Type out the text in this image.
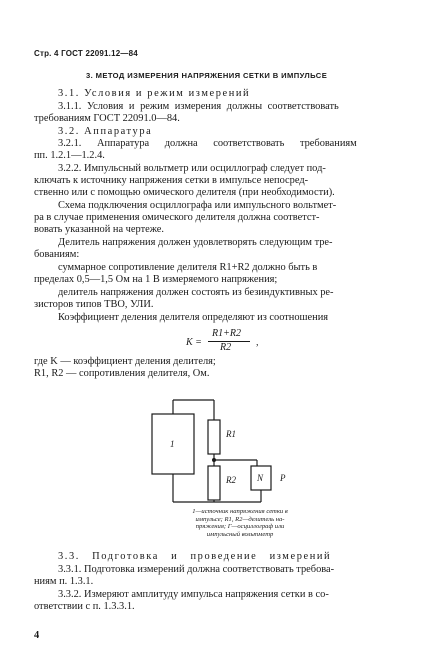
Стр. 4 ГОСТ 22091.12—84
3. МЕТОД ИЗМЕРЕНИЯ НАПРЯЖЕНИЯ СЕТКИ В ИМПУЛЬСЕ
3.1. Условия и режим измерений
3.1.1. Условия и режим измерения должны соответствовать
требованиям ГОСТ 22091.0—84.
3.2. Аппаратура
3.2.1. Аппаратура должна соответствовать требованиям
пп. 1.2.1—1.2.4.
3.2.2. Импульсный вольтметр или осциллограф следует под-
ключать к источнику напряжения сетки в импульсе непосред-
ственно или с помощью омического делителя (при необходимости).
Схема подключения осциллографа или импульсного вольтмет-
ра в случае применения омического делителя должна соответст-
вовать указанной на чертеже.
Делитель напряжения должен удовлетворять следующим тре-
бованиям:
суммарное сопротивление делителя R1+R2 должно быть в
пределах 0,5—1,5 Ом на 1 В измеряемого напряжения;
делитель напряжения должен состоять из безиндуктивных ре-
зисторов типов ТВО, УЛИ.
Коэффициент деления делителя определяют из соотношения
K =
R1+R2
R2 ,
где K — коэффициент деления делителя;
R1, R2 — сопротивления делителя, Ом.
1
R1
R2 N P
1—источник напряжения сетки в
импульсе; R1, R2—делитель на-
пряжения; Г—осциллограф или
импульсный вольтметр
3.3. Подготовка и проведение измерений
3.3.1. Подготовка измерений должна соответствовать требова-
ниям п. 1.3.1.
3.3.2. Измеряют амплитуду импульса напряжения сетки в со-
ответствии с п. 1.3.3.1.
4
